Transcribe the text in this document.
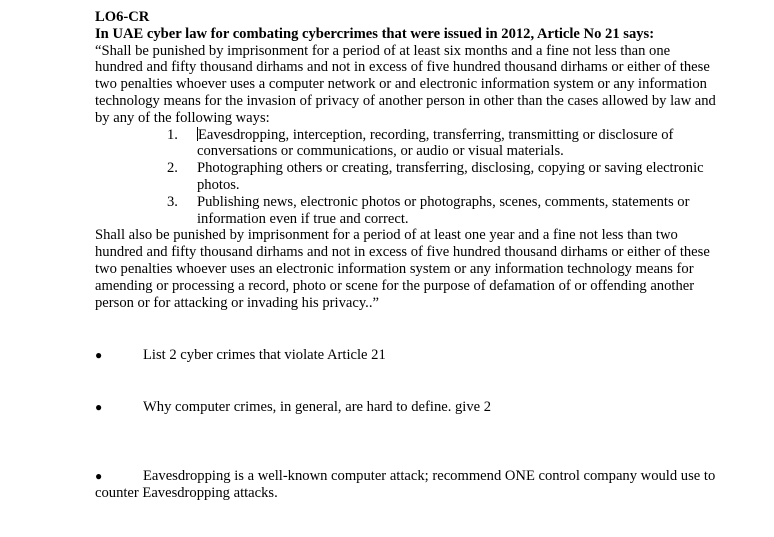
LO6-CR
In UAE cyber law for combating cybercrimes that were issued in 2012, Article No 21 says:
“Shall be punished by imprisonment for a period of at least six months and a fine not less than one
hundred and fifty thousand dirhams and not in excess of five hundred thousand dirhams or either of these
two penalties whoever uses a computer network or and electronic information system or any information
technology means for the invasion of privacy of another person in other than the cases allowed by law and
by any of the following ways:
1. Eavesdropping, interception, recording, transferring, transmitting or disclosure of
conversations or communications, or audio or visual materials.
2. Photographing others or creating, transferring, disclosing, copying or saving electronic
photos.
3. Publishing news, electronic photos or photographs, scenes, comments, statements or
information even if true and correct.
Shall also be punished by imprisonment for a period of at least one year and a fine not less than two
hundred and fifty thousand dirhams and not in excess of five hundred thousand dirhams or either of these
two penalties whoever uses an electronic information system or any information technology means for
amending or processing a record, photo or scene for the purpose of defamation of or offending another
person or for attacking or invading his privacy..”
●	List 2 cyber crimes that violate Article 21
●	Why computer crimes, in general, are hard to define. give 2
●	Eavesdropping is a well-known computer attack; recommend ONE control company would use to counter Eavesdropping attacks.
